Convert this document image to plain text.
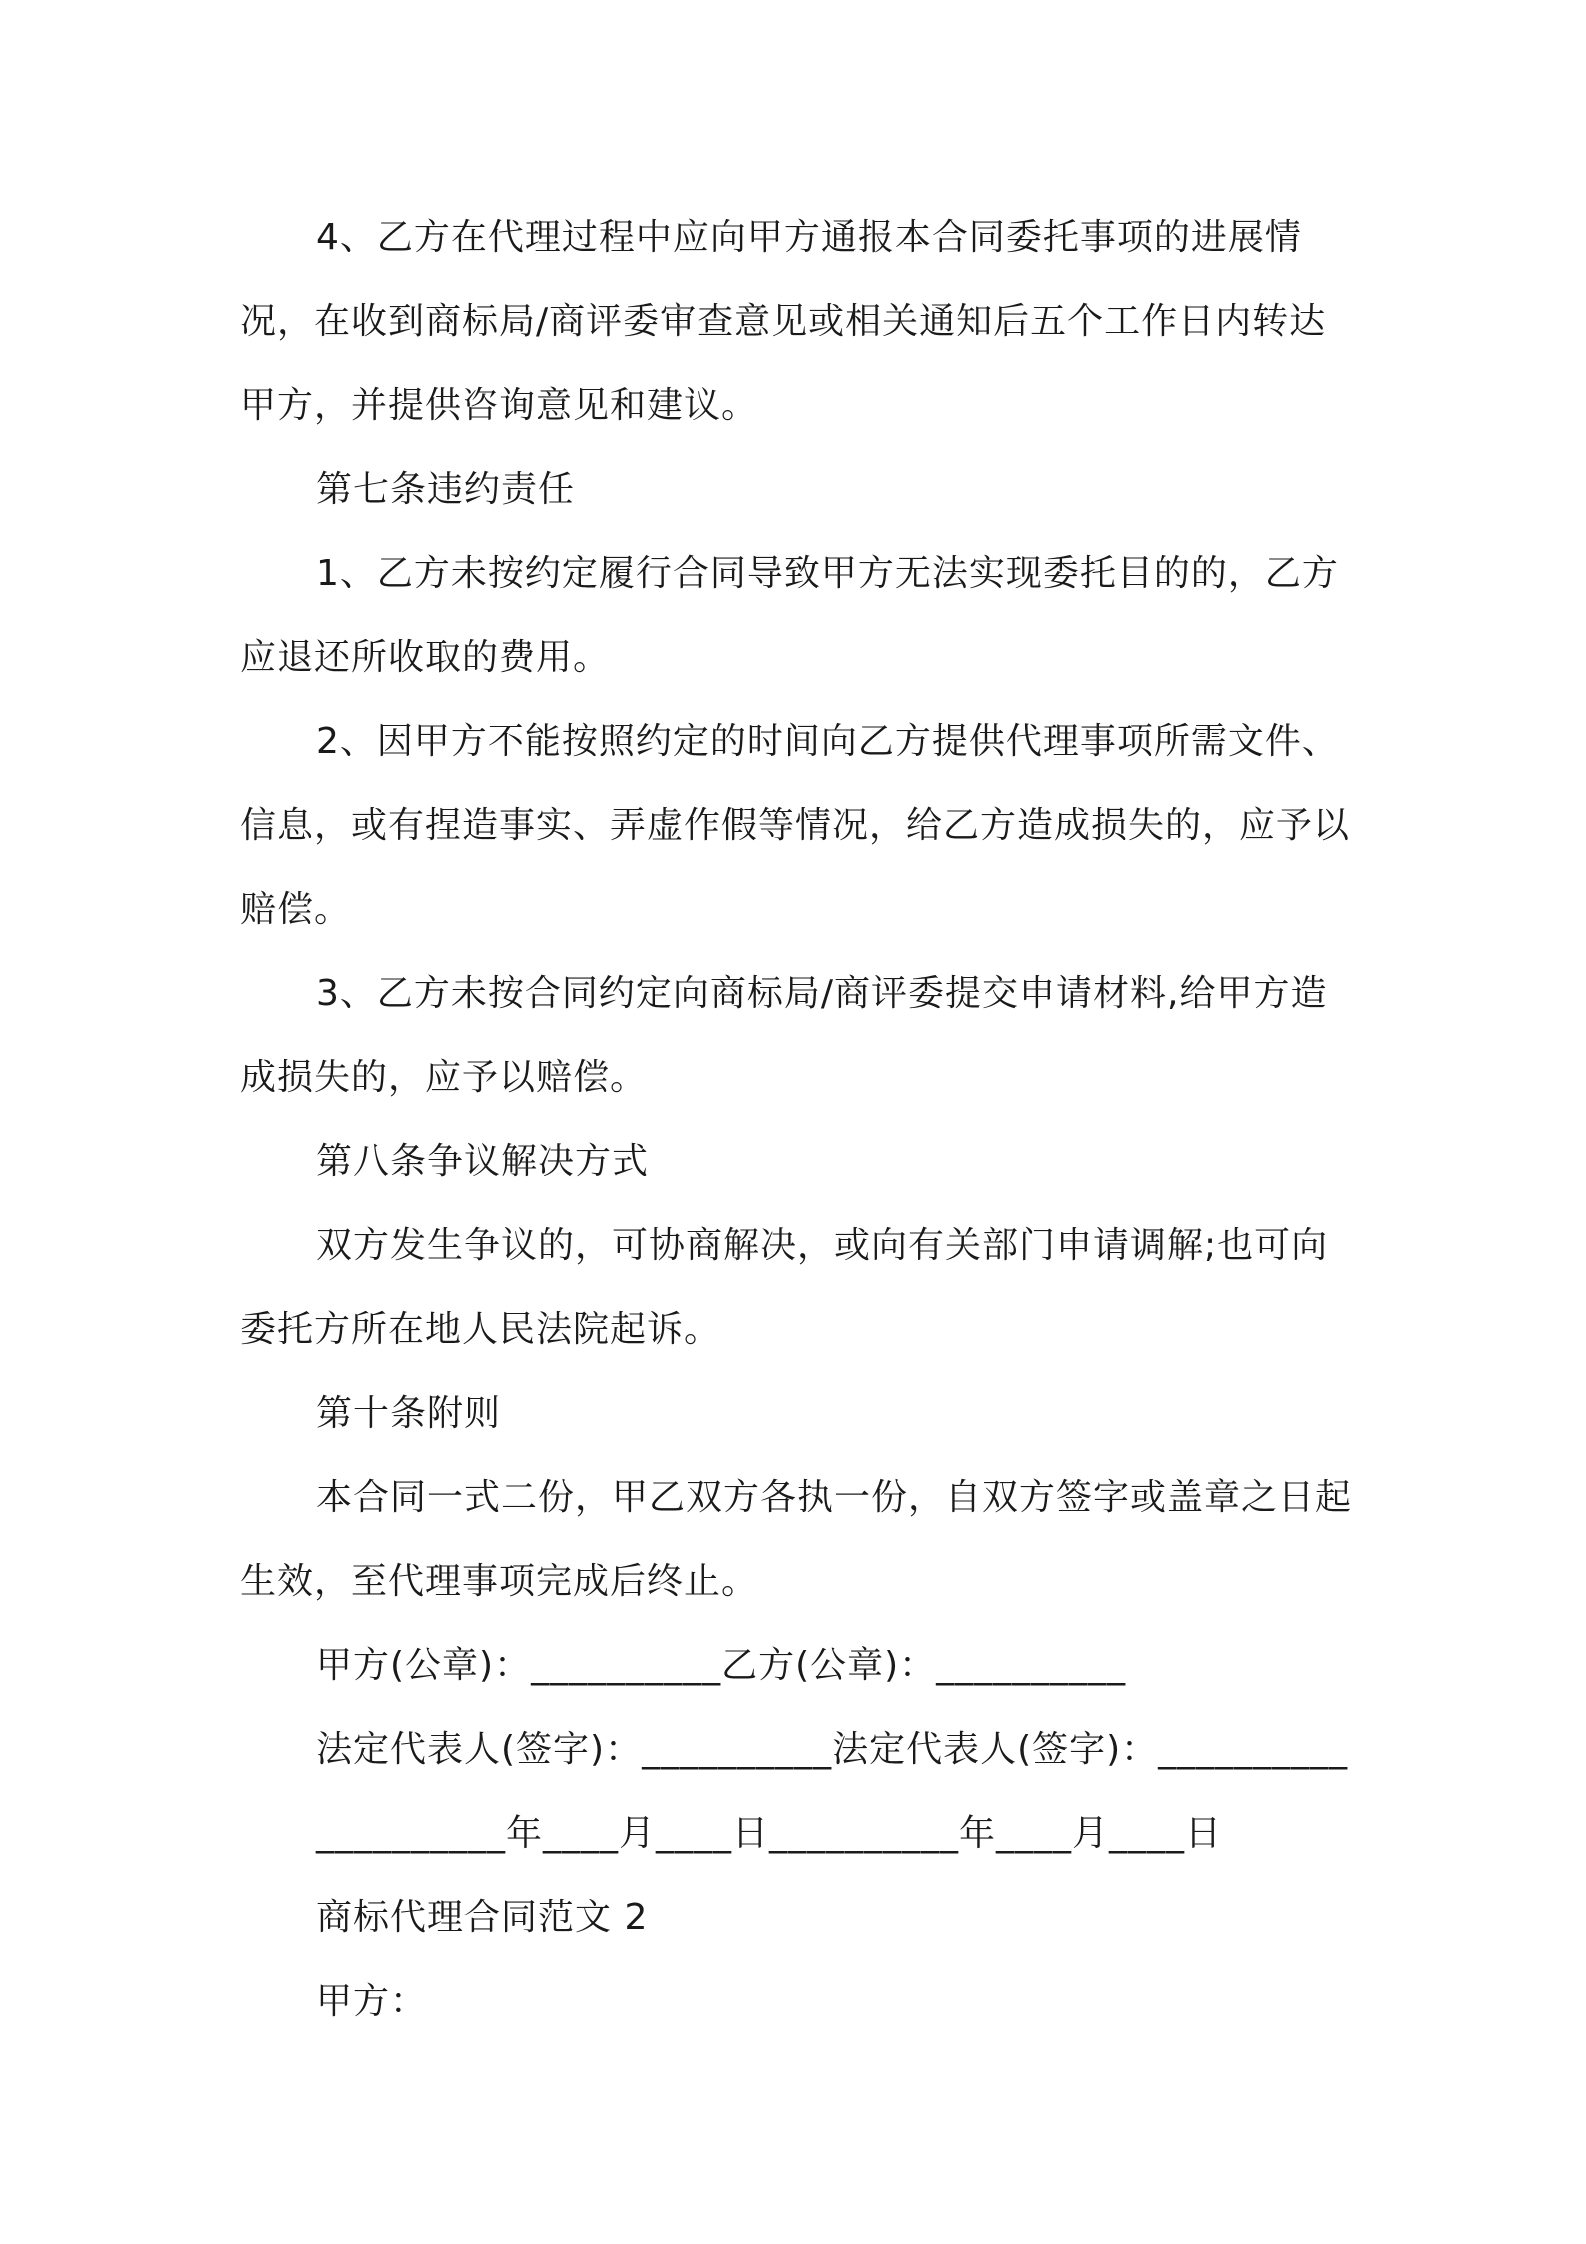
4、乙方在代理过程中应向甲方通报本合同委托事项的进展情况，在收到商标局/商评委审查意见或相关通知后五个工作日内转达甲方，并提供咨询意见和建议。

第七条违约责任

1、乙方未按约定履行合同导致甲方无法实现委托目的的，乙方应退还所收取的费用。

2、因甲方不能按照约定的时间向乙方提供代理事项所需文件、信息，或有捏造事实、弄虚作假等情况，给乙方造成损失的，应予以赔偿。

3、乙方未按合同约定向商标局/商评委提交申请材料,给甲方造成损失的，应予以赔偿。

第八条争议解决方式

双方发生争议的，可协商解决，或向有关部门申请调解;也可向委托方所在地人民法院起诉。

第十条附则

本合同一式二份，甲乙双方各执一份，自双方签字或盖章之日起生效，至代理事项完成后终止。

甲方(公章)：__________乙方(公章)：__________

法定代表人(签字)：__________法定代表人(签字)：__________

__________年____月____日__________年____月____日

商标代理合同范文 2

甲方：
